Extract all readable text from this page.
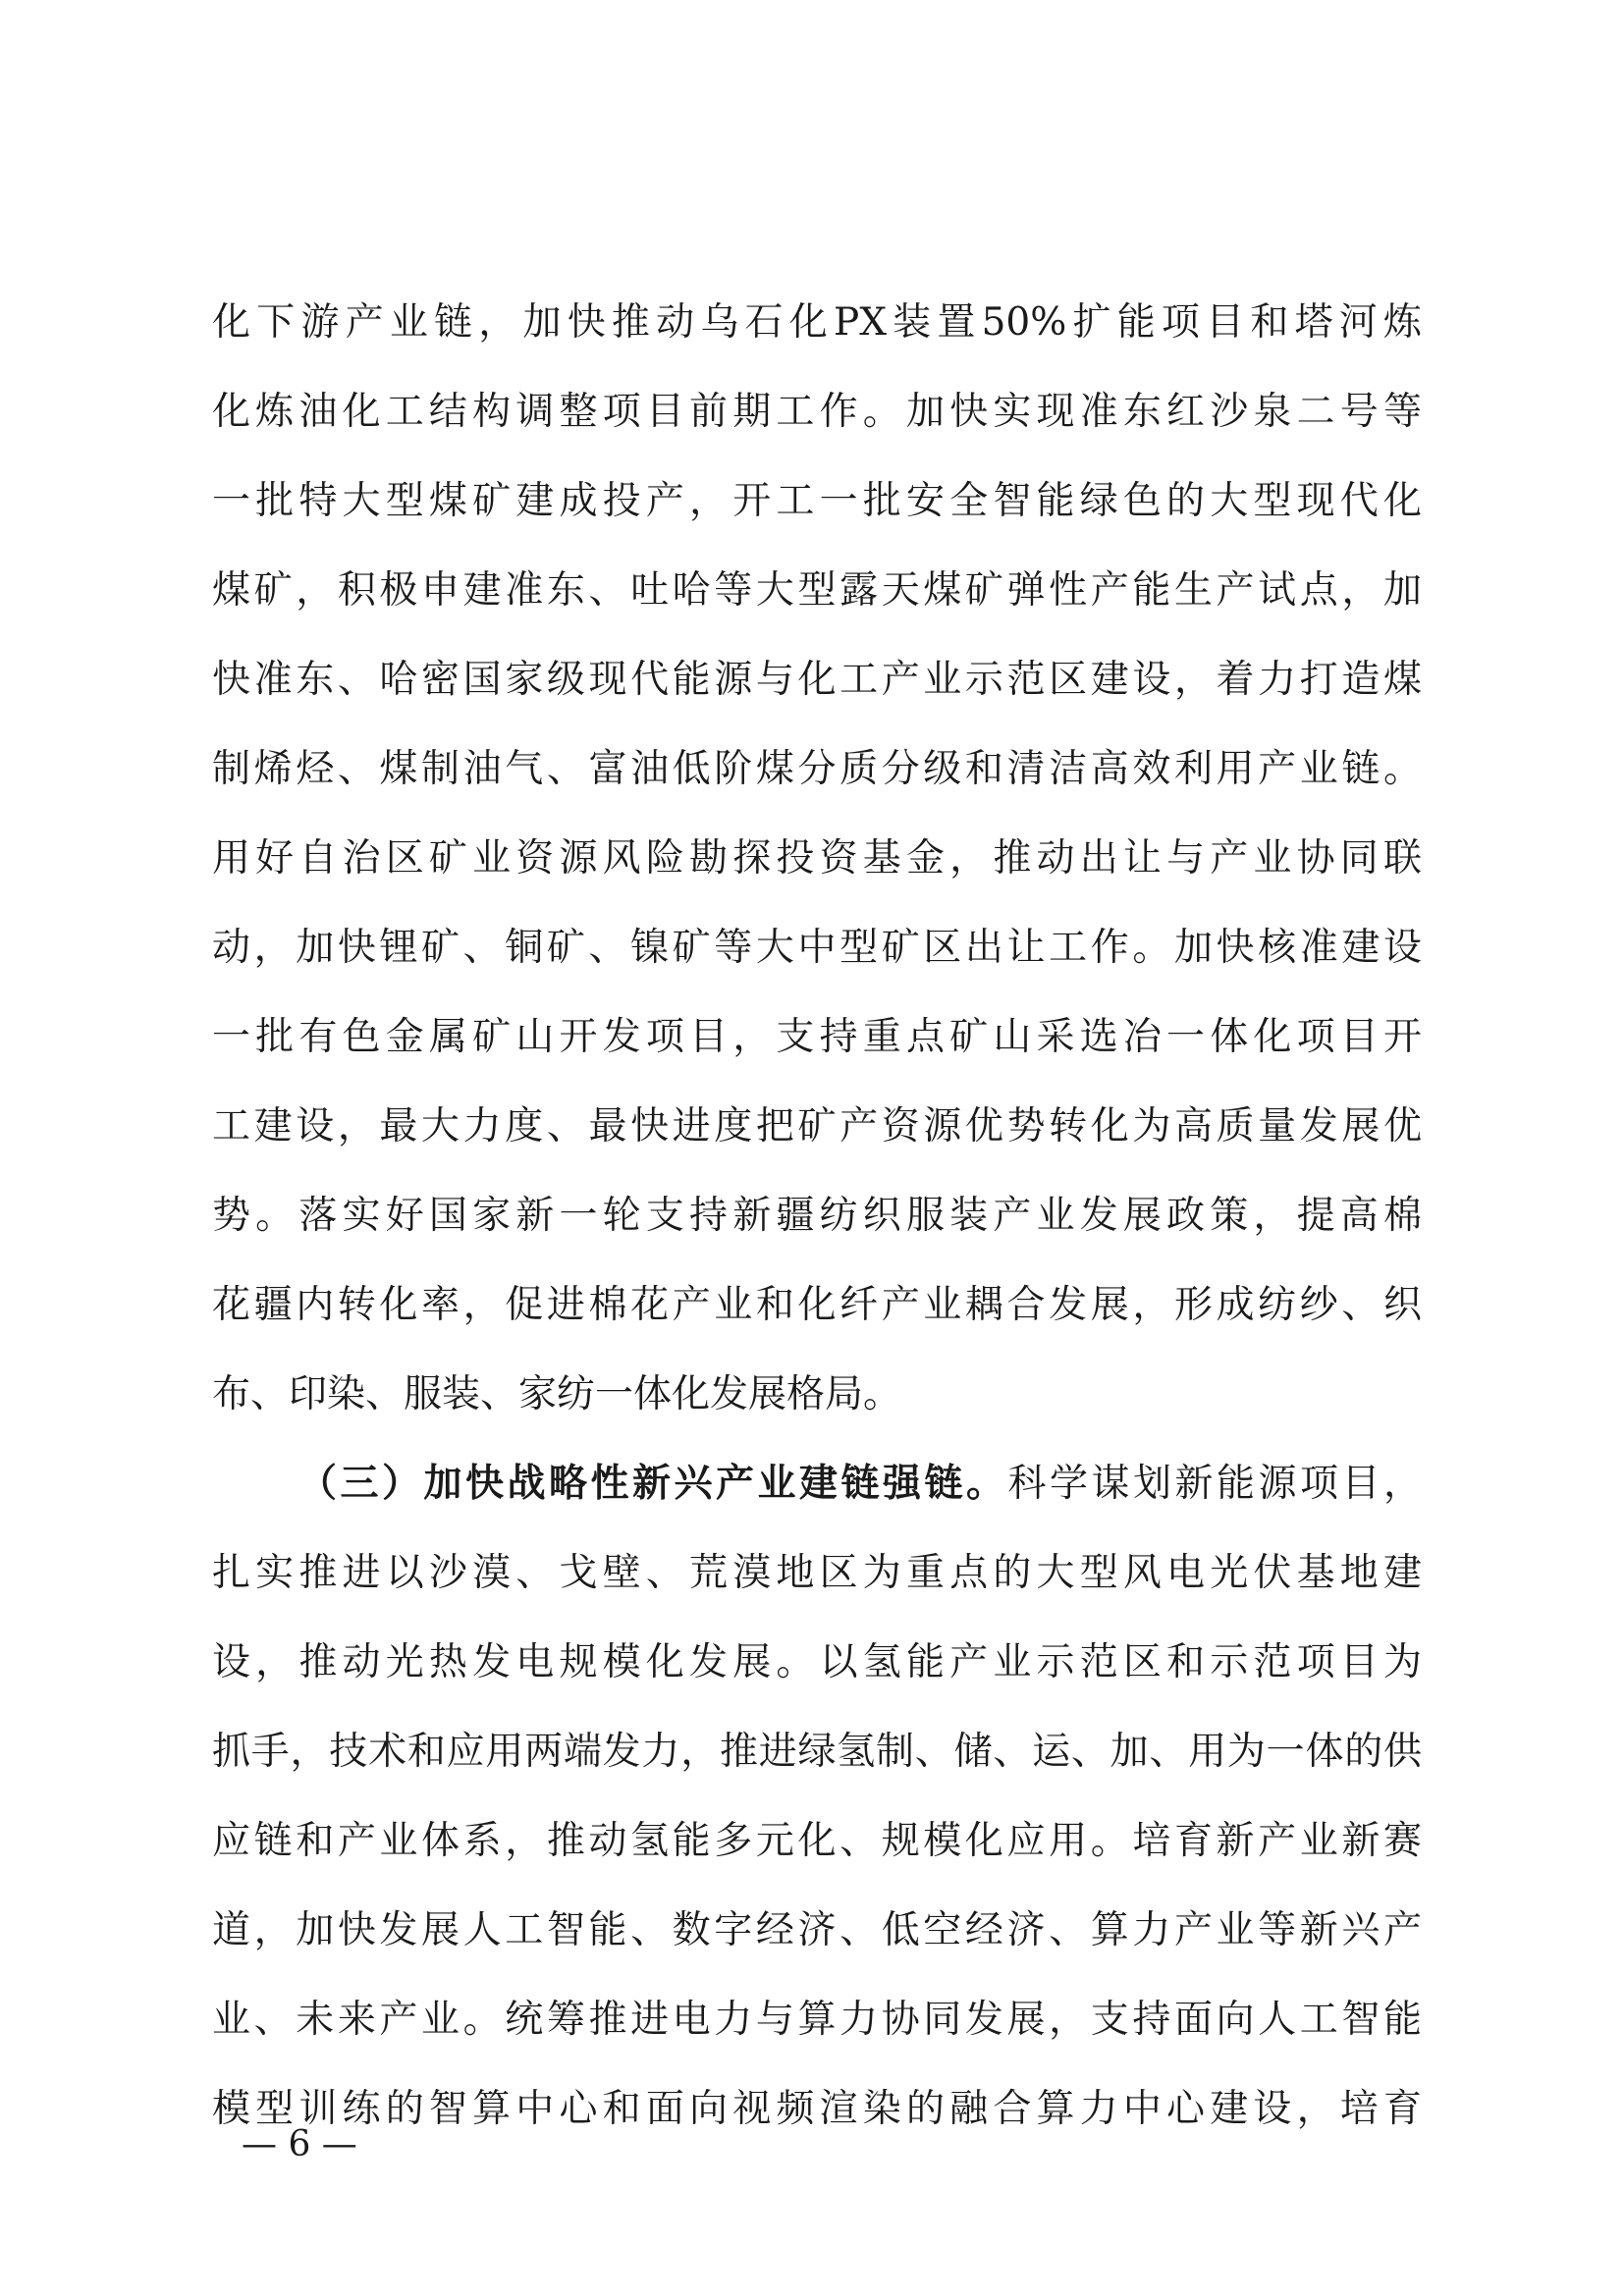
化下游产业链，加快推动乌石化PX装置50%扩能项目和塔河炼
化炼油化工结构调整项目前期工作。加快实现准东红沙泉二号等
一批特大型煤矿建成投产，开工一批安全智能绿色的大型现代化
煤矿，积极申建准东、吐哈等大型露天煤矿弹性产能生产试点，加
快准东、哈密国家级现代能源与化工产业示范区建设，着力打造煤
制烯烃、煤制油气、富油低阶煤分质分级和清洁高效利用产业链。
用好自治区矿业资源风险勘探投资基金，推动出让与产业协同联
动，加快锂矿、铜矿、镍矿等大中型矿区出让工作。加快核准建设
一批有色金属矿山开发项目，支持重点矿山采选冶一体化项目开
工建设，最大力度、最快进度把矿产资源优势转化为高质量发展优
势。落实好国家新一轮支持新疆纺织服装产业发展政策，提高棉
花疆内转化率，促进棉花产业和化纤产业耦合发展，形成纺纱、织
布、印染、服装、家纺一体化发展格局。
（三）加快战略性新兴产业建链强链。科学谋划新能源项目，
扎实推进以沙漠、戈壁、荒漠地区为重点的大型风电光伏基地建
设，推动光热发电规模化发展。以氢能产业示范区和示范项目为
抓手，技术和应用两端发力，推进绿氢制、储、运、加、用为一体的供
应链和产业体系，推动氢能多元化、规模化应用。培育新产业新赛
道，加快发展人工智能、数字经济、低空经济、算力产业等新兴产
业、未来产业。统筹推进电力与算力协同发展，支持面向人工智能
模型训练的智算中心和面向视频渲染的融合算力中心建设，培育
— 6 —
